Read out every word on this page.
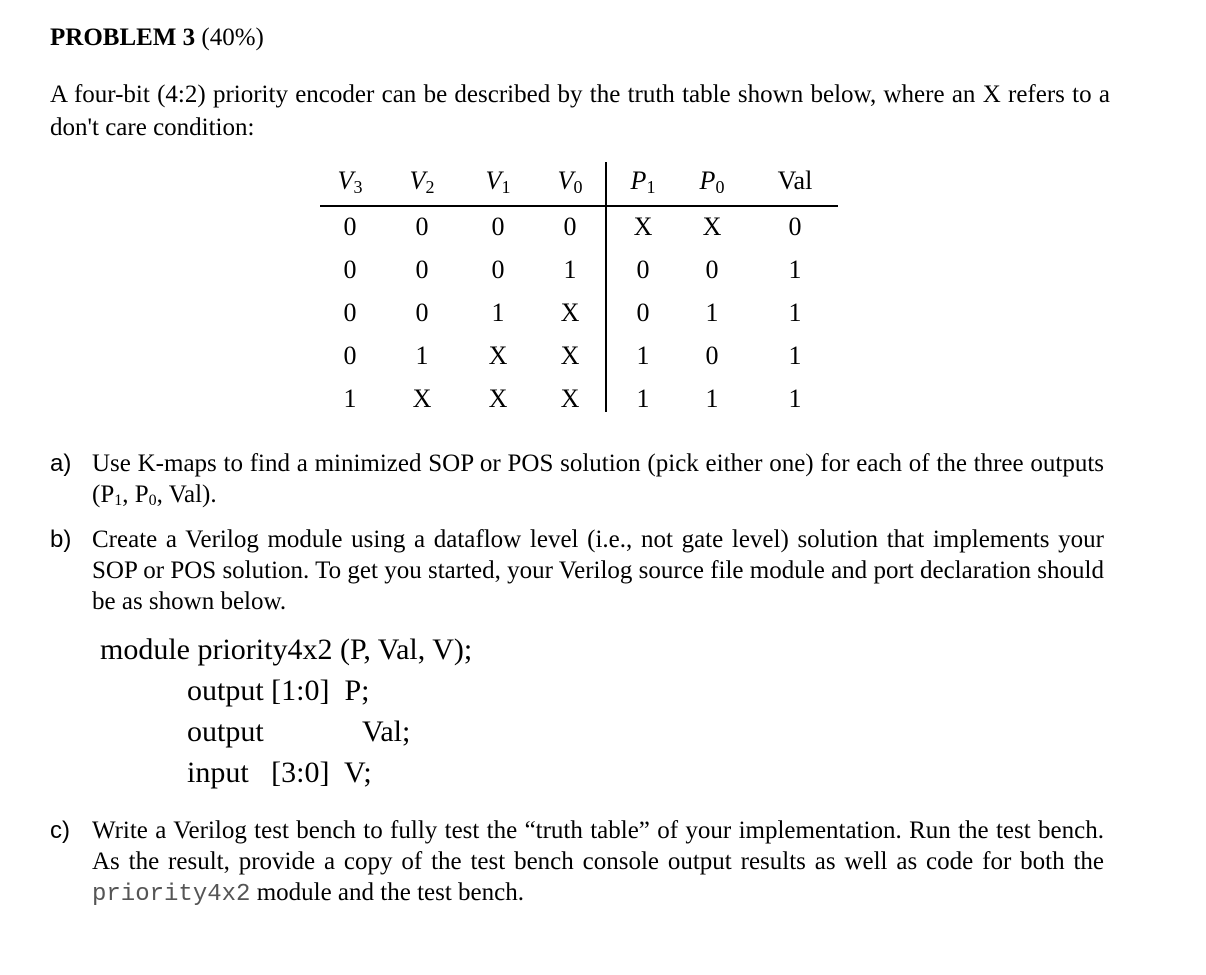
PROBLEM 3 (40%)
A four-bit (4:2) priority encoder can be described by the truth table shown below, where an X refers to a don't care condition:
$V_3$	$V_2$	$V_1$	$V_0$	$P_1$	$P_0$	Val
0	0	0	0	X	X	0
0	0	0	1	0	0	1
0	0	1	X	0	1	1
0	1	X	X	1	0	1
1	X	X	X	1	1	1
a) Use K-maps to find a minimized SOP or POS solution (pick either one) for each of the three outputs ($P_1$, $P_0$, Val).
b) Create a Verilog module using a dataflow level (i.e., not gate level) solution that implements your SOP or POS solution. To get you started, your Verilog source file module and port declaration should be as shown below.
module priority4x2 (P, Val, V);
output [1:0]  P;
output	Val;
input   [3:0]  V;
c) Write a Verilog test bench to fully test the “truth table” of your implementation. Run the test bench. As the result, provide a copy of the test bench console output results as well as code for both the priority4x2 module and the test bench.
